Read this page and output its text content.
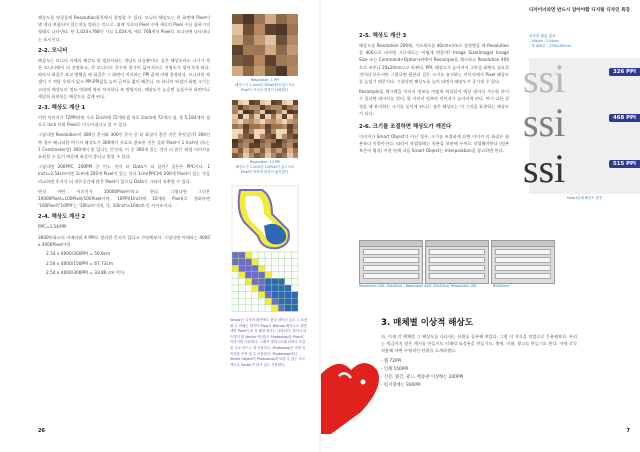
해상도를 명칭들에 Resolution항목에서 결정할 수 있다. 모니터 해상도는 한 화면에 Pixel이 몇 개나 보함되어 있는지를 말하는 것으로, 대개 가로의 Pixel 수에 세로의 Pixel 수를 곱하기의 형태로 나타낸다. 단 1,024×768인 가로 1,024개, 세로 768개의 Pixel로 모니터에 나타내다는 표시이다.

2-2. 모니터

해상도는 모니터 자체의 해상도 및 컴퓨터와는 개념도 다릅뿐이다. 같은 해상도라도 크기가 작은 모니터에서 더 선명하고, 큰 모니터로 갈수록 한가이 넓어지므로 선명도가 떨어지게 된다. 따라서 화질은 보고 명했을 때 화질은 그 화면이 차지하는 PPI 값에 의해 결정된다. 모니터의 픽셀이 기 격당 우처가 있고 PPI,PPI값을 높여 글씨를 짧이 해준다. 또 하나의 픽셀의 화면 크기는 고의적 해상도의 정도 변화에 따라 차지하나 보 방법이다. 해상도가 높을면 높을수록 화면이나 세밀히 표현되는 해상도를 갖게 된다.

2-3. 해상도 계산 1

이번 이미지가 72PPI라면 가로 1Inch에 72개픽셀 세로 1Inch에 72개의 점, 총 5,184개의 점으로 Inch 단위 Pixel로 이루어졌다고 할 수 있다.

그렇다면 Resolution이 300인 문서와 300인 문서 중 더 화질이 좋은 것은 무엇일까? 300인 쪽 경우 레나리한 여기서 해상도가 300에이 자료로 참조한 것은 결과 Pixel이 1 Inch당 (또는 1 Centimeter당) 300개이 및 있다는 뜻인데, 이 중 300개 있는 것이 더 많은 픽셀 이미지를 표현할 수 있기 때문에 화질이 좋다고 말할 수 있다.

그렇다면 200PPC, 200PPI 중 어느 것이 더 Data가 더 클까? 결론은 PPC이다. 1 Inch=2.54cm이면 1cm에 200개 Pixel이 있는 것과 1cm(PPC)에 200개 Pixel이 있는 것을 비교하면 후자가 더 작은공간에 많은 Pixel이 있으니 Data가 크리라 유추할 수 있다.

단적 어떤 이미지가 10000Pixel이라고 한다. 그렇다면 그것은 10000Pixel=100Pixel/100Pixel이며, 10PPI(1Inch에 10개의 Pixel)로 정하라면 '100Pixel'/'10PPI'는 '10Inch'이며, 즉, 10Inch×10Inch 인 사이즈이다.

2-4. 해상도 계산 2

PPC=2.54/PPI

3600만화소의 카메라와 X PPI로 정의한 문서가 있다고 가정해보자. 그렇다면 카메라는 4000 x 4000Pixel이며

2.54 x 4000/200PPI = 50.8cm
2.54 x 4000/150PPI = 67.73cm
2.54 x 4000/300PPI = 33.86 cm 이다.
Resolution: 1 PPI
해상도가 1 Inch당 1Pixel밖에 없으므로
Pixel이 커서서 화질이 나빠졌다.
Resolution: 12 PPI
해상도가 1 Inch당 12Pixel이 있으므로
Pixel이 작아져 화질이 좋아졌다.
Vector는 디자의 화면에도 품질 데이터 있고 그 표현할 수 비해는 화이다 Pixel로 Bitmap 해석으로 화면에면 Pixel이 표 적 해결 한다는 나타난다. 벌이고 비트맵이 를 Vector 이(면)도 Photoshop을 Pixel로 이미지를 나타낸다. 그래서 벌어스트래 터처의 조건를 주로 만드는 데 사용하고, Photoshop은 자진 이미지를 작성 및 수 사용된다. Photoshop에서 Smart Object이 Photoshop내 보를 수 있는 오브젝트로 Vector이 화가 있는 사용할다.
26
디자이너라면 반드시 알아야할 디지털 디자인 특강
2-5. 해상도 계산 3

해상도를 Resolution 200에, 가로세로를 40cm×cm로 설정했을 때 Resolution을 400으로 바꾸면 가로세로는 어떻게 변할까? Image Size(Image) Image Size 또는 Command+Option+I)에서 Resample을 체크하고 Resolution 400으로 바꾸니 20x20cm으로 바뀐다. PPI, 해상도가 높아져서 그만큼 화면도 필요할 것이라 모든지만 그렇다면 원본과 같은 크기를 유지하는 이미지에서 Pixel 해상도를 높였기 때문이다. 그렇다면 해상도를 높이 되면서 해상도가 증가할 수 있다.

Resample을 체크했을 이미지 정보를 어떻게 처리할지 예상 데이터 가능한 마이 수 있다면 데이터를 벌어, 원 이미지 정보만 이미지가 높아지게 된다. 여기 다른 결정을 해 유지하는 크기를 높이게 된다는 점은 해상도는 이 그것을 표현하는 해상도가 되다.

2-6. 크기를 조절하면 해상도가 깨진다

이미지가 Smart Object가 아닌 경우, 크기를 조절하게 되면 이미지 의 화질은 원본보다 안좋아진다. 따라서 작업할때는 원본을 보관해 두어로 작업해야한다 (원본보존의 법칙) 이전 단계 다음 Smart Object는 Interpolation을 참고하면 된다.

Resolution 200: 40x40cm / Resolution 400: 20x20cm, Resolution 100:	80x80cm
3. 매체별 이상적 해상도

자, 이제 각 매체별 그 해상도를 나타내는 단위를 공부해 보았다. 그럼 이 지식을 작업으로 응용해보자. 우리는 방금까지 많은 매시를 만들기도 인쇄될 표정용을 만들기도, 출력, 인쇄, 광고를 만들기도 한다. 이때 각각 적용해 어떤 구체적인 단위를 소개하겠다.

- 웹 72PPI
- 인쇄 150PPI
- 신문, 월간, 광고, 배송판 이상해는 200PPI
- 펌지형에는 300PPI
외부한 필분 있을
- 76inch : 2.54cm
- 책 400인 : 2750x397cm
ssi
ssi
ssi
326 PPI
468 PPI
515 PPI
Smart분체 해상도 변경
7
